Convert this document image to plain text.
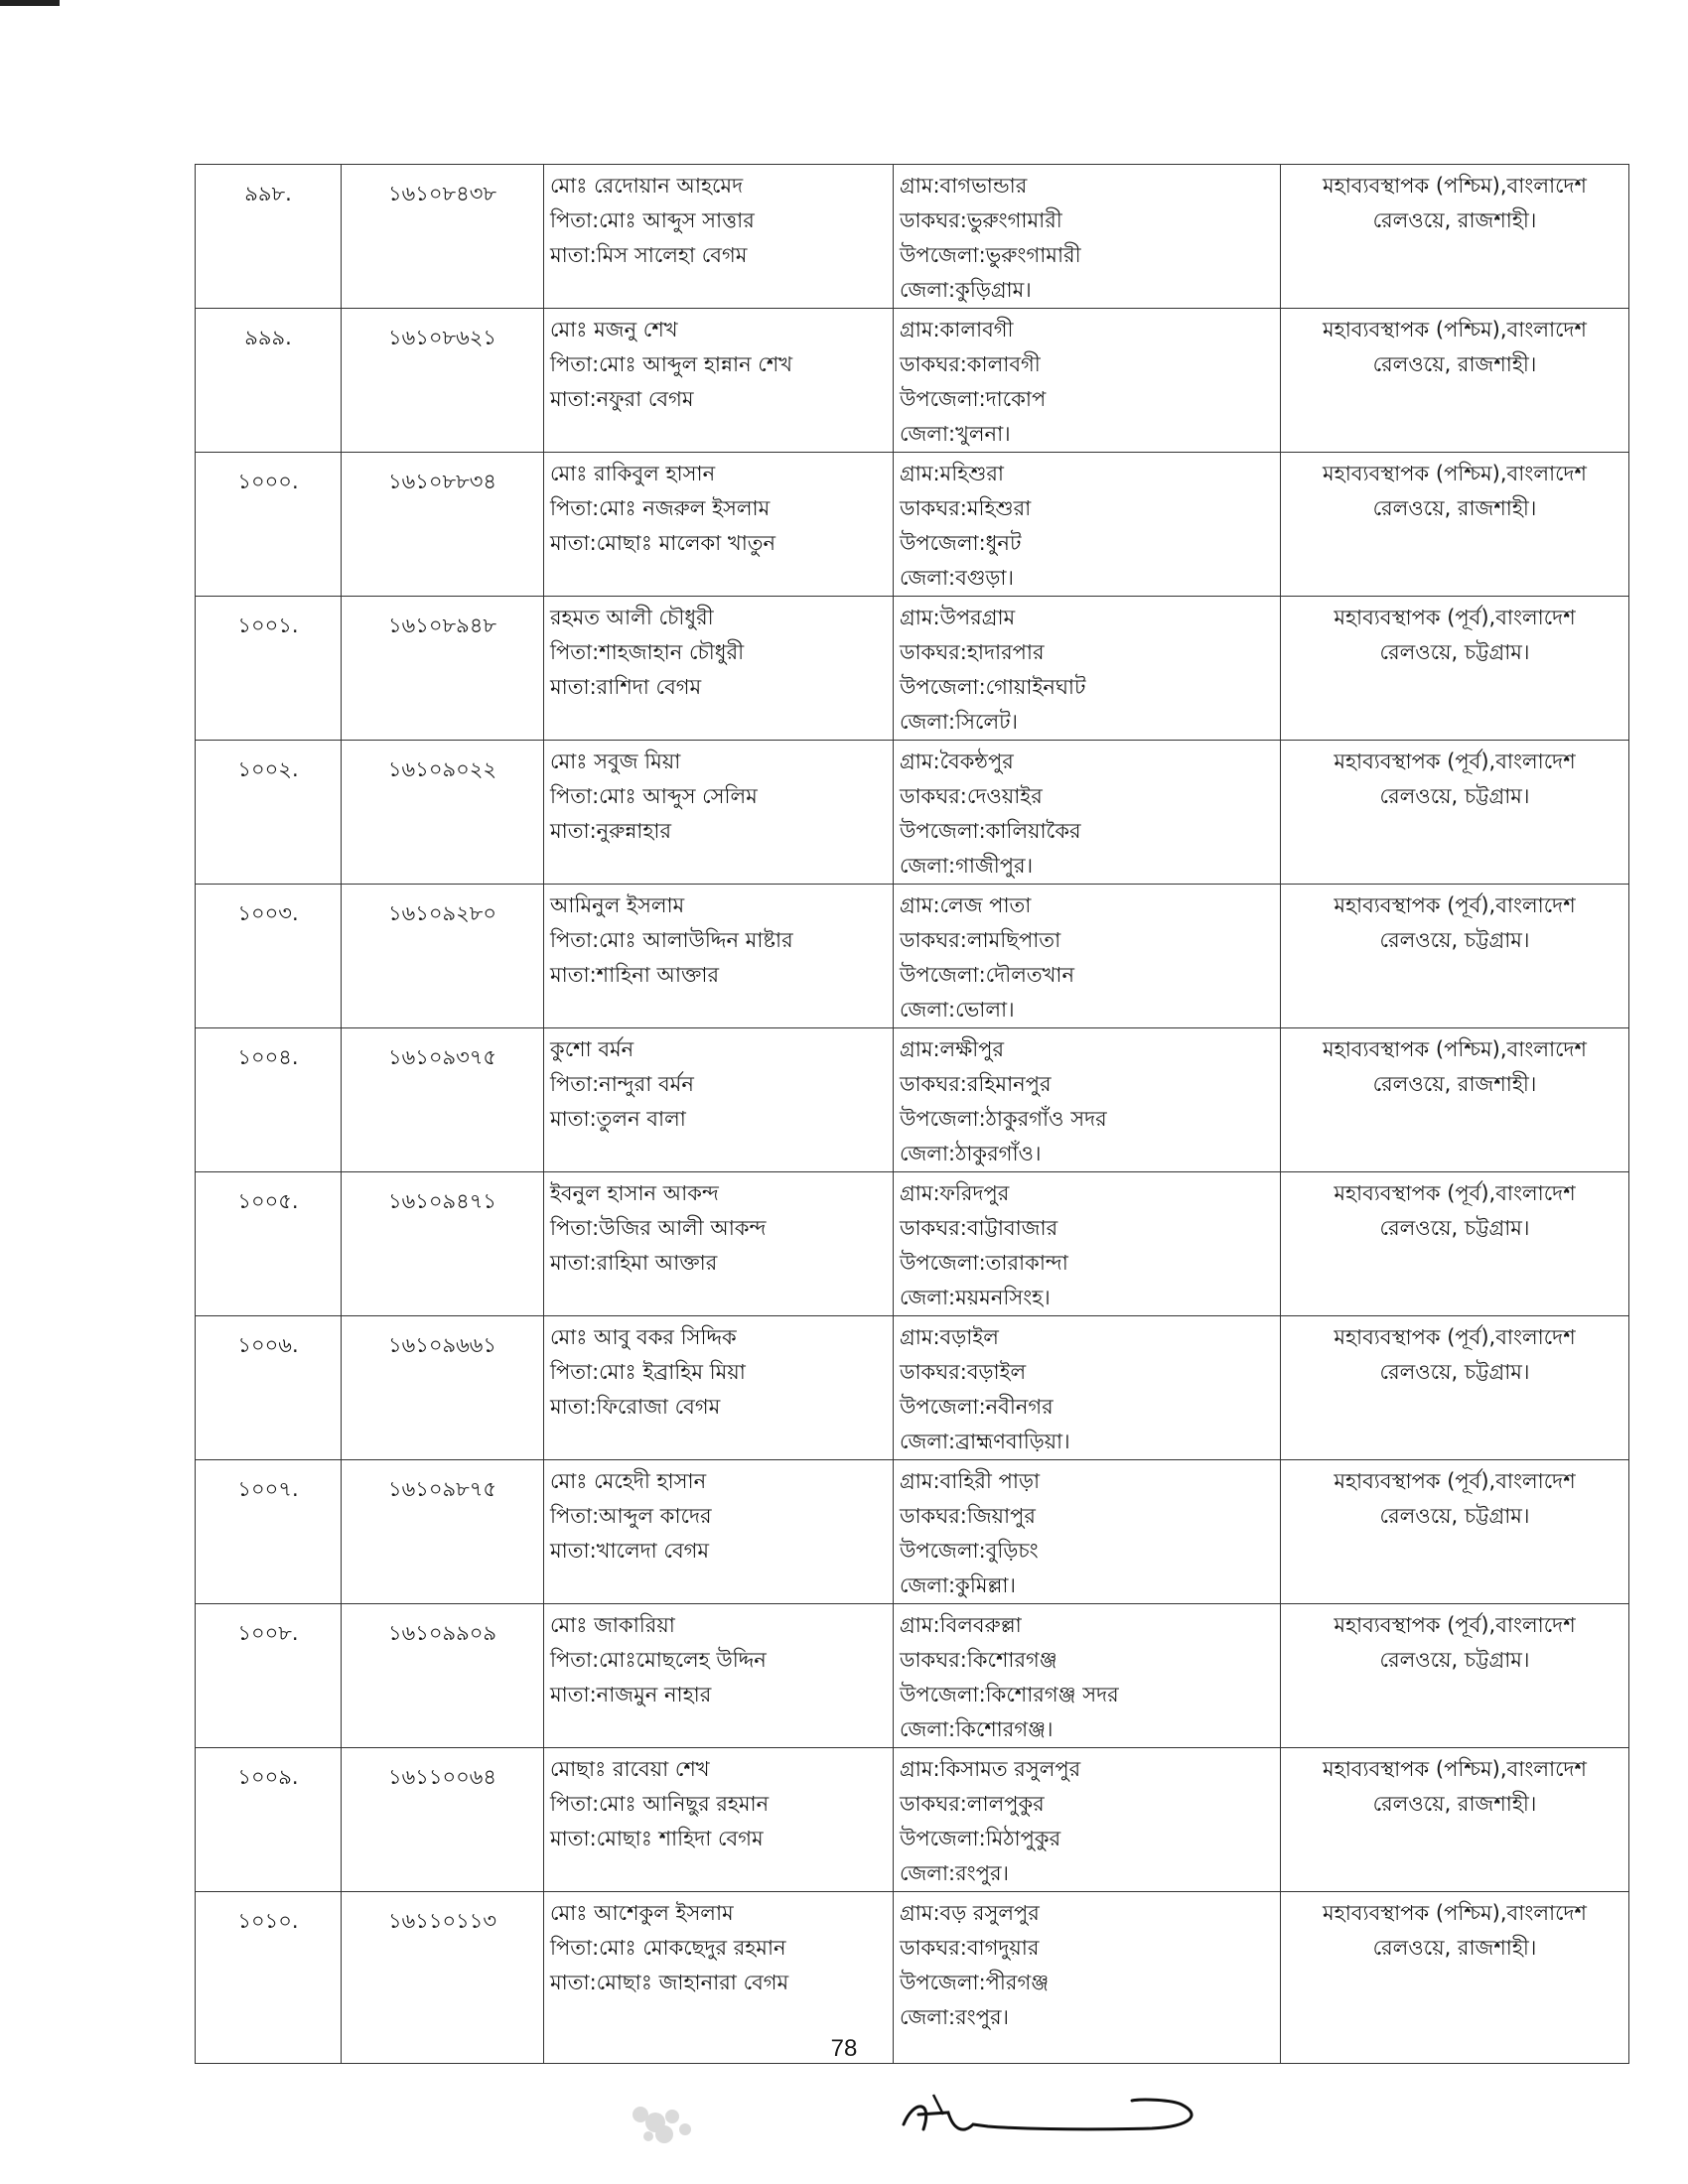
৯৯৮.	১৬১০৮৪৩৮	মোঃ রেদোয়ান আহমেদ
পিতা:মোঃ আব্দুস সাত্তার
মাতা:মিস সালেহা বেগম	গ্রাম:বাগভান্ডার
ডাকঘর:ভুরুংগামারী
উপজেলা:ভুরুংগামারী
জেলা:কুড়িগ্রাম।	মহাব্যবস্থাপক (পশ্চিম),বাংলাদেশ
রেলওয়ে, রাজশাহী।

৯৯৯.	১৬১০৮৬২১	মোঃ মজনু শেখ
পিতা:মোঃ আব্দুল হান্নান শেখ
মাতা:নফুরা বেগম	গ্রাম:কালাবগী
ডাকঘর:কালাবগী
উপজেলা:দাকোপ
জেলা:খুলনা।	মহাব্যবস্থাপক (পশ্চিম),বাংলাদেশ
রেলওয়ে, রাজশাহী।

১০০০.	১৬১০৮৮৩৪	মোঃ রাকিবুল হাসান
পিতা:মোঃ নজরুল ইসলাম
মাতা:মোছাঃ মালেকা খাতুন	গ্রাম:মহিশুরা
ডাকঘর:মহিশুরা
উপজেলা:ধুনট
জেলা:বগুড়া।	মহাব্যবস্থাপক (পশ্চিম),বাংলাদেশ
রেলওয়ে, রাজশাহী।

১০০১.	১৬১০৮৯৪৮	রহমত আলী চৌধুরী
পিতা:শাহজাহান চৌধুরী
মাতা:রাশিদা বেগম	গ্রাম:উপরগ্রাম
ডাকঘর:হাদারপার
উপজেলা:গোয়াইনঘাট
জেলা:সিলেট।	মহাব্যবস্থাপক (পূর্ব),বাংলাদেশ
রেলওয়ে, চট্টগ্রাম।

১০০২.	১৬১০৯০২২	মোঃ সবুজ মিয়া
পিতা:মোঃ আব্দুস সেলিম
মাতা:নুরুন্নাহার	গ্রাম:বৈকন্ঠপুর
ডাকঘর:দেওয়াইর
উপজেলা:কালিয়াকৈর
জেলা:গাজীপুর।	মহাব্যবস্থাপক (পূর্ব),বাংলাদেশ
রেলওয়ে, চট্টগ্রাম।

১০০৩.	১৬১০৯২৮০	আমিনুল ইসলাম
পিতা:মোঃ আলাউদ্দিন মাষ্টার
মাতা:শাহিনা আক্তার	গ্রাম:লেজ পাতা
ডাকঘর:লামছিপাতা
উপজেলা:দৌলতখান
জেলা:ভোলা।	মহাব্যবস্থাপক (পূর্ব),বাংলাদেশ
রেলওয়ে, চট্টগ্রাম।

১০০৪.	১৬১০৯৩৭৫	কুশো বর্মন
পিতা:নান্দুরা বর্মন
মাতা:তুলন বালা	গ্রাম:লক্ষীপুর
ডাকঘর:রহিমানপুর
উপজেলা:ঠাকুরগাঁও সদর
জেলা:ঠাকুরগাঁও।	মহাব্যবস্থাপক (পশ্চিম),বাংলাদেশ
রেলওয়ে, রাজশাহী।

১০০৫.	১৬১০৯৪৭১	ইবনুল হাসান আকন্দ
পিতা:উজির আলী আকন্দ
মাতা:রাহিমা আক্তার	গ্রাম:ফরিদপুর
ডাকঘর:বাট্টাবাজার
উপজেলা:তারাকান্দা
জেলা:ময়মনসিংহ।	মহাব্যবস্থাপক (পূর্ব),বাংলাদেশ
রেলওয়ে, চট্টগ্রাম।

১০০৬.	১৬১০৯৬৬১	মোঃ আবু বকর সিদ্দিক
পিতা:মোঃ ইব্রাহিম মিয়া
মাতা:ফিরোজা বেগম	গ্রাম:বড়াইল
ডাকঘর:বড়াইল
উপজেলা:নবীনগর
জেলা:ব্রাহ্মণবাড়িয়া।	মহাব্যবস্থাপক (পূর্ব),বাংলাদেশ
রেলওয়ে, চট্টগ্রাম।

১০০৭.	১৬১০৯৮৭৫	মোঃ মেহেদী হাসান
পিতা:আব্দুল কাদের
মাতা:খালেদা বেগম	গ্রাম:বাহিরী পাড়া
ডাকঘর:জিয়াপুর
উপজেলা:বুড়িচং
জেলা:কুমিল্লা।	মহাব্যবস্থাপক (পূর্ব),বাংলাদেশ
রেলওয়ে, চট্টগ্রাম।

১০০৮.	১৬১০৯৯০৯	মোঃ জাকারিয়া
পিতা:মোঃমোছলেহ উদ্দিন
মাতা:নাজমুন নাহার	গ্রাম:বিলবরুল্লা
ডাকঘর:কিশোরগঞ্জ
উপজেলা:কিশোরগঞ্জ সদর
জেলা:কিশোরগঞ্জ।	মহাব্যবস্থাপক (পূর্ব),বাংলাদেশ
রেলওয়ে, চট্টগ্রাম।

১০০৯.	১৬১১০০৬৪	মোছাঃ রাবেয়া শেখ
পিতা:মোঃ আনিছুর রহমান
মাতা:মোছাঃ শাহিদা বেগম	গ্রাম:কিসামত রসুলপুর
ডাকঘর:লালপুকুর
উপজেলা:মিঠাপুকুর
জেলা:রংপুর।	মহাব্যবস্থাপক (পশ্চিম),বাংলাদেশ
রেলওয়ে, রাজশাহী।

১০১০.	১৬১১০১১৩	মোঃ আশেকুল ইসলাম
পিতা:মোঃ মোকছেদুর রহমান
মাতা:মোছাঃ জাহানারা বেগম	গ্রাম:বড় রসুলপুর
ডাকঘর:বাগদুয়ার
উপজেলা:পীরগঞ্জ
জেলা:রংপুর।	মহাব্যবস্থাপক (পশ্চিম),বাংলাদেশ
রেলওয়ে, রাজশাহী।
78
